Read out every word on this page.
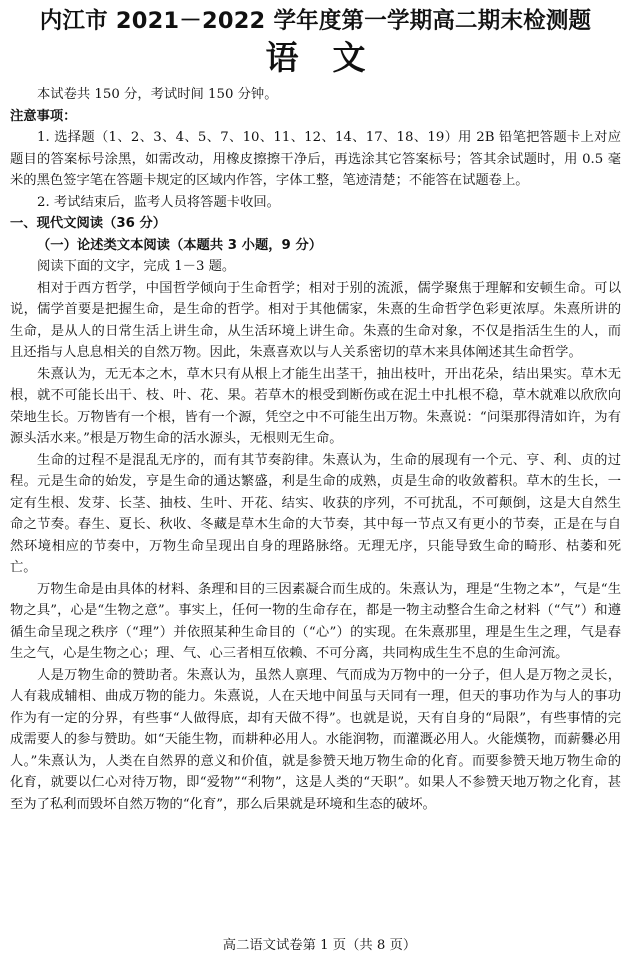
内江市 2021－2022 学年度第一学期高二期末检测题
语文

本试卷共 150 分，考试时间 150 分钟。

注意事项：

1. 选择题（1、2、3、4、5、7、10、11、12、14、17、18、19）用 2B 铅笔把答题卡上对应题目的答案标号涂黑，如需改动，用橡皮擦擦干净后，再选涂其它答案标号；答其余试题时，用 0.5 毫米的黑色签字笔在答题卡规定的区域内作答，字体工整，笔迹清楚；不能答在试题卷上。

2. 考试结束后，监考人员将答题卡收回。

一、现代文阅读（36 分）

（一）论述类文本阅读（本题共 3 小题，9 分）

阅读下面的文字，完成 1－3 题。

相对于西方哲学，中国哲学倾向于生命哲学；相对于别的流派，儒学聚焦于理解和安顿生命。可以说，儒学首要是把握生命，是生命的哲学。相对于其他儒家，朱熹的生命哲学色彩更浓厚。朱熹所讲的生命，是从人的日常生活上讲生命，从生活环境上讲生命。朱熹的生命对象，不仅是指活生生的人，而且还指与人息息相关的自然万物。因此，朱熹喜欢以与人关系密切的草木来具体阐述其生命哲学。

朱熹认为，无无本之木，草木只有从根上才能生出茎干，抽出枝叶，开出花朵，结出果实。草木无根，就不可能长出干、枝、叶、花、果。若草木的根受到断伤或在泥土中扎根不稳，草木就难以欣欣向荣地生长。万物皆有一个根，皆有一个源，凭空之中不可能生出万物。朱熹说：“问渠那得清如许，为有源头活水来。”根是万物生命的活水源头，无根则无生命。

生命的过程不是混乱无序的，而有其节奏韵律。朱熹认为，生命的展现有一个元、亨、利、贞的过程。元是生命的始发，亨是生命的通达繁盛，利是生命的成熟，贞是生命的收敛蓄积。草木的生长，一定有生根、发芽、长茎、抽枝、生叶、开花、结实、收获的序列，不可扰乱，不可颠倒，这是大自然生命之节奏。春生、夏长、秋收、冬藏是草木生命的大节奏，其中每一节点又有更小的节奏，正是在与自然环境相应的节奏中，万物生命呈现出自身的理路脉络。无理无序，只能导致生命的畸形、枯萎和死亡。

万物生命是由具体的材料、条理和目的三因素凝合而生成的。朱熹认为，理是“生物之本”，气是“生物之具”，心是“生物之意”。事实上，任何一物的生命存在，都是一物主动整合生命之材料（“气”）和遵循生命呈现之秩序（“理”）并依照某种生命目的（“心”）的实现。在朱熹那里，理是生生之理，气是春生之气，心是生物之心；理、气、心三者相互依赖、不可分离，共同构成生生不息的生命河流。

人是万物生命的赞助者。朱熹认为，虽然人禀理、气而成为万物中的一分子，但人是万物之灵长，人有栽成辅相、曲成万物的能力。朱熹说，人在天地中间虽与天同有一理，但天的事功作为与人的事功作为有一定的分界，有些事“人做得底，却有天做不得”。也就是说，天有自身的“局限”，有些事情的完成需要人的参与赞助。如“天能生物，而耕种必用人。水能润物，而灌溉必用人。火能熯物，而薪爨必用人。”朱熹认为，人类在自然界的意义和价值，就是参赞天地万物生命的化育。而要参赞天地万物生命的化育，就要以仁心对待万物，即“爱物”“利物”，这是人类的“天职”。如果人不参赞天地万物之化育，甚至为了私利而毁坏自然万物的“化育”，那么后果就是环境和生态的破坏。

高二语文试卷第 1 页（共 8 页）
